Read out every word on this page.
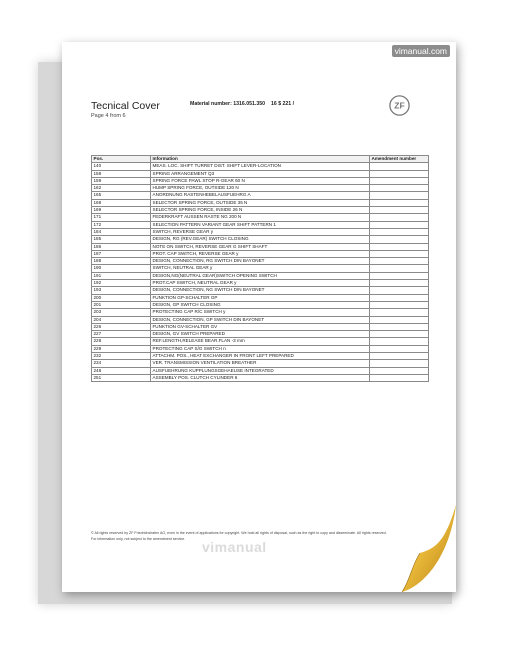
vimanual.com
Tecnical Cover
Page 4 from 6
Material number: 1316.051.350 16 $ 221 /	ZF
Pos.	Information	Amendment number
140	MEAS. LOC. SHIFT TURRET DIST. SHIFT LEVER-LOCATION	
158	SPRING ARRANGEMENT Q3	
159	SPRING FORCE PAWL STOP R-GEAR 60 N	
162	HUMP SPRING FORCE, OUTSIDE 120 N	
165	ANORDNUNG RASTENHEBELAUSFUEHRG A	
168	SELECTOR SPRING FORCE, OUTSIDE 35 N	
169	SELECTOR SPRING FORCE, INSIDE 26 N	
171	FEDERKRAFT AUSSEN RASTE NG 200 N	
172	SELECTION PATTERN VARIANT GEAR SHIFT PATTERN 1	
184	SWITCH, REVERSE GEAR y	
185	DESIGN, RG (REV.GEAR) SWITCH CLOSING	
186	NOTE ON SWITCH, REVERSE GEAR G SHIFT SHAFT	
187	PROT. CAP SWITCH, REVERSE GEAR y	
188	DESIGN, CONNECTION, RG SWITCH DIN BAYONET	
190	SWITCH, NEUTRAL GEAR y	
191	DESIGN,NG(NEUTRAL GEAR)SWITCH OPENING SWITCH	
192	PROT.CAP SWITCH, NEUTRAL GEAR y	
193	DESIGN, CONNECTION, NG SWITCH DIN BAYONET	
200	FUNKTION GP-SCHALTER GP	
201	DESIGN, GP SWITCH CLOSING	
203	PROTECTING CAP R/C SWITCH y	
204	DESIGN, CONNECTION, GP SWITCH DIN BAYONET	
226	FUNKTION GV-SCHALTER GV	
227	DESIGN, GV SWITCH PREPARED	
228	REF.LENGTH,RELEASE BEAR.FLAN -3 mm	
229	PROTECTING CAP S/G SWITCH n	
232	ATTACHM. POS., HEAT EXCHANGER IN FRONT LEFT PREPARED	
234	VER. TRANSMISSION VENTILATION BREATHER	
248	AUSFUEHRUNG KUPPLUNGSGEHAEUSE INTEGRATED	
251	ASSEMBLY POS. CLUTCH CYLINDER 6	
© All rights reserved by ZF Friedrichshafen AG, even in the event of applications for copyright. We hold all rights of disposal, such as the right to copy and disseminate. All rights reserved.
For information only, not subject to the amendment service.	vimanual
